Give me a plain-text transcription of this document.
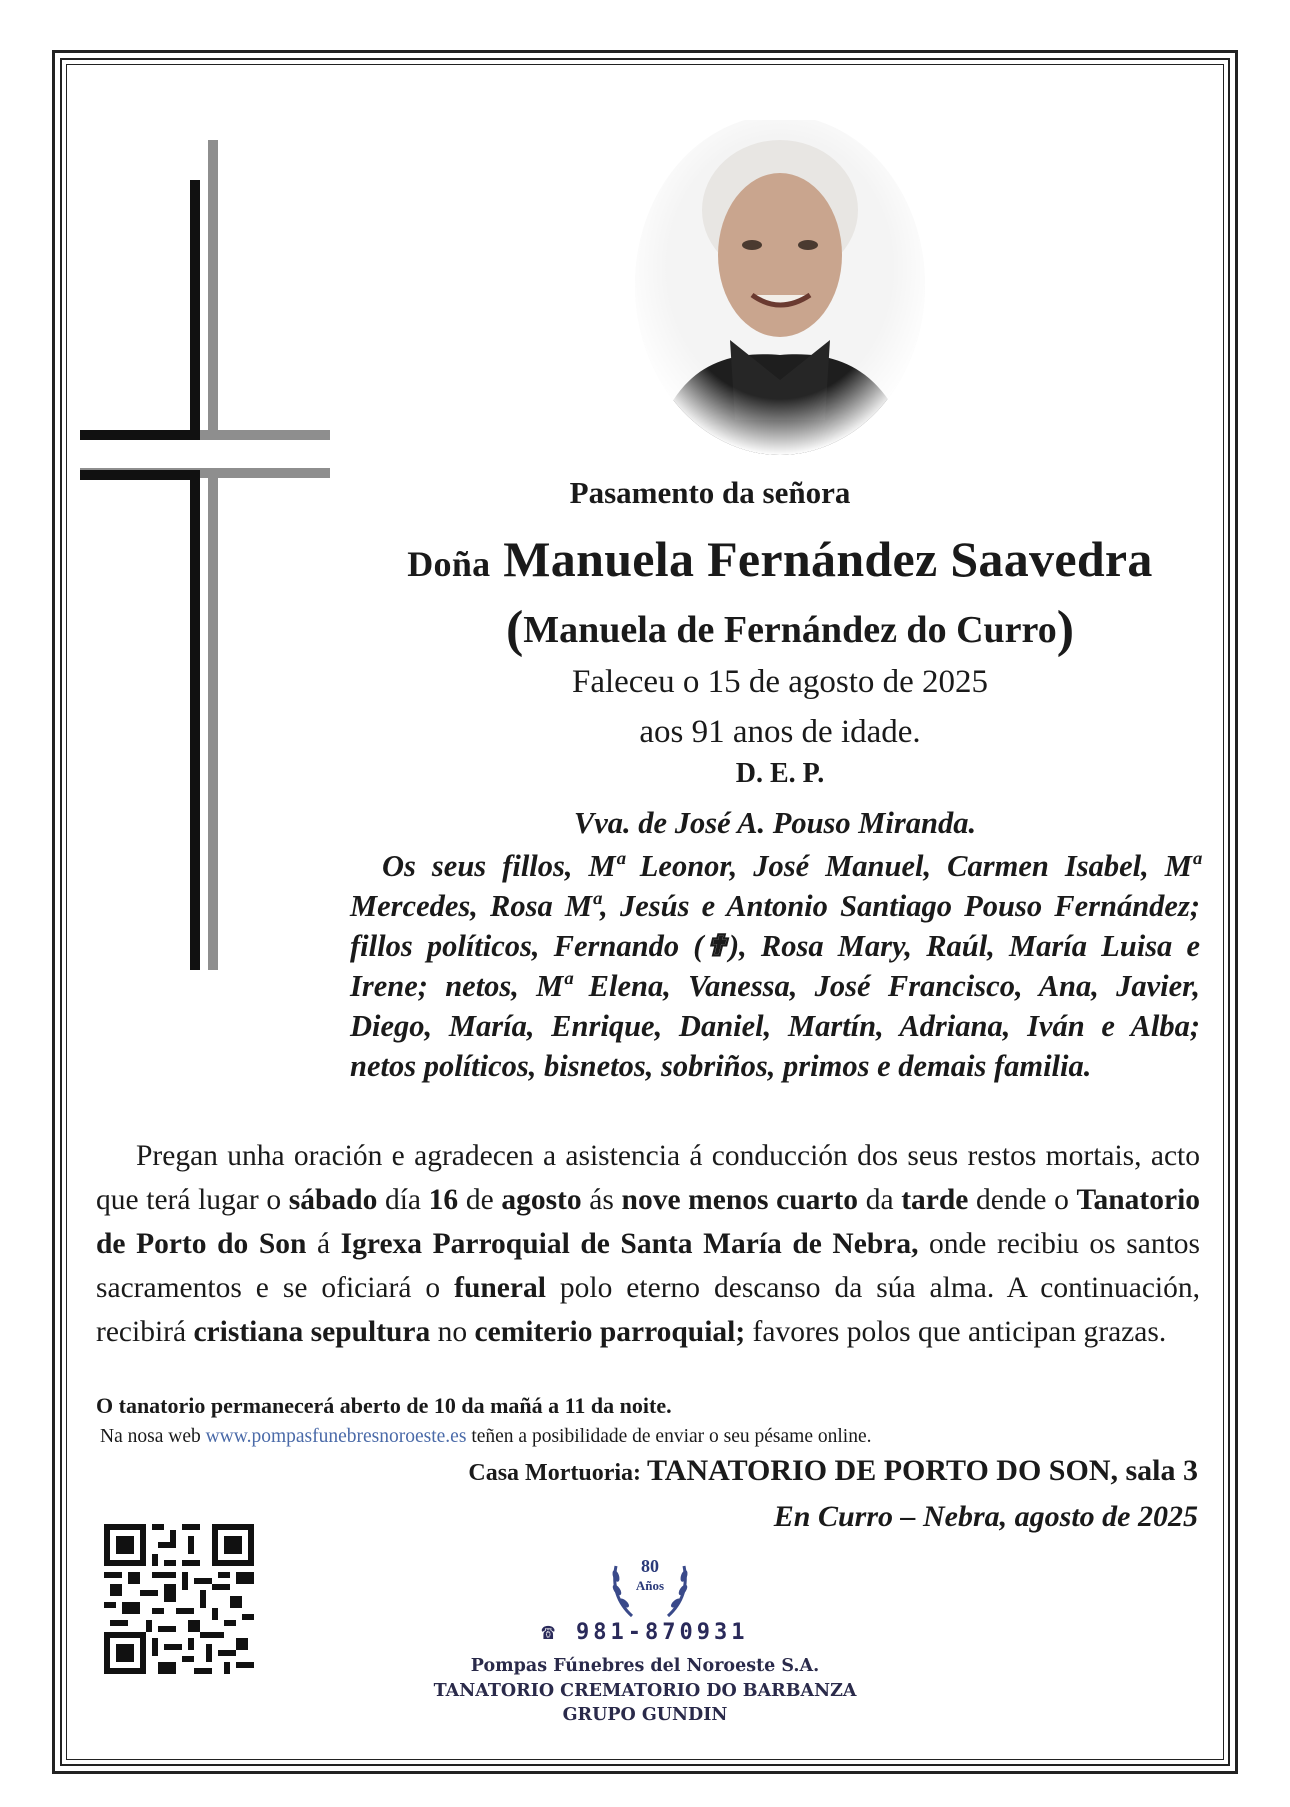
Pasamento da señora
Doña Manuela Fernández Saavedra
(Manuela de Fernández do Curro)
Faleceu o 15 de agosto de 2025
aos 91 anos de idade.
D. E. P.
Vva. de José A. Pouso Miranda.
Os seus fillos, Mª Leonor, José Manuel, Carmen Isabel, Mª Mercedes, Rosa Mª, Jesús e Antonio Santiago Pouso Fernández; fillos políticos, Fernando (✟), Rosa Mary, Raúl, María Luisa e Irene; netos, Mª Elena, Vanessa, José Francisco, Ana, Javier, Diego, María, Enrique, Daniel, Martín, Adriana, Iván e Alba; netos políticos, bisnetos, sobriños, primos e demais familia.
Pregan unha oración e agradecen a asistencia á conducción dos seus restos mortais, acto que terá lugar o sábado día 16 de agosto ás nove menos cuarto da tarde dende o Tanatorio de Porto do Son á Igrexa Parroquial de Santa María de Nebra, onde recibiu os santos sacramentos e se oficiará o funeral polo eterno descanso da súa alma. A continuación, recibirá cristiana sepultura no cemiterio parroquial; favores polos que anticipan grazas.
O tanatorio permanecerá aberto de 10 da mañá a 11 da noite.
Na nosa web www.pompasfunebresnoroeste.es teñen a posibilidade de enviar o seu pésame online.
Casa Mortuoria: TANATORIO DE PORTO DO SON, sala 3
En Curro – Nebra, agosto de 2025
80
Años
☎ 981-870931
Pompas Fúnebres del Noroeste S.A.
TANATORIO CREMATORIO DO BARBANZA
GRUPO GUNDIN
